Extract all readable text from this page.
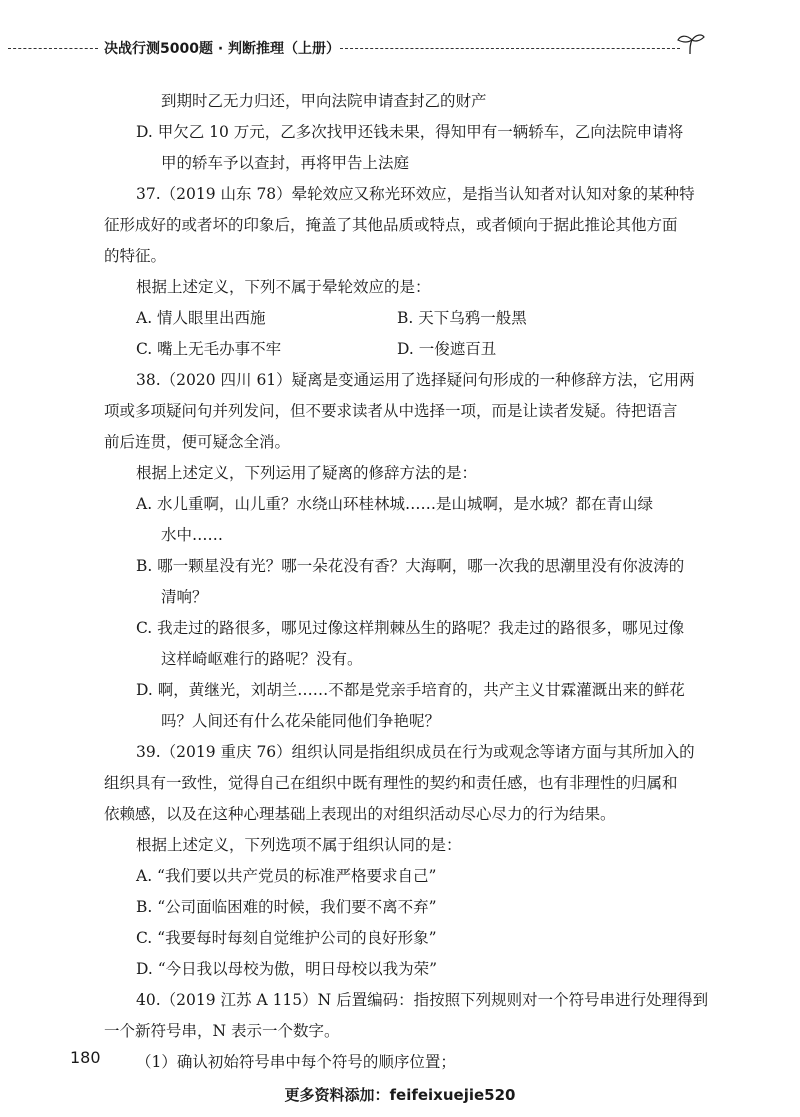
决战行测5000题 · 判断推理（上册）
到期时乙无力归还，甲向法院申请查封乙的财产
D. 甲欠乙 10 万元，乙多次找甲还钱未果，得知甲有一辆轿车，乙向法院申请将
甲的轿车予以查封，再将甲告上法庭
37.（2019 山东 78）晕轮效应又称光环效应，是指当认知者对认知对象的某种特
征形成好的或者坏的印象后，掩盖了其他品质或特点，或者倾向于据此推论其他方面
的特征。
根据上述定义，下列不属于晕轮效应的是：
A. 情人眼里出西施	B. 天下乌鸦一般黑
C. 嘴上无毛办事不牢	D. 一俊遮百丑
38.（2020 四川 61）疑离是变通运用了选择疑问句形成的一种修辞方法，它用两
项或多项疑问句并列发问，但不要求读者从中选择一项，而是让读者发疑。待把语言
前后连贯，便可疑念全消。
根据上述定义，下列运用了疑离的修辞方法的是：
A. 水儿重啊，山儿重？水绕山环桂林城……是山城啊，是水城？都在青山绿
水中……
B. 哪一颗星没有光？哪一朵花没有香？大海啊，哪一次我的思潮里没有你波涛的
清响？
C. 我走过的路很多，哪见过像这样荆棘丛生的路呢？我走过的路很多，哪见过像
这样崎岖难行的路呢？没有。
D. 啊，黄继光，刘胡兰……不都是党亲手培育的，共产主义甘霖灌溉出来的鲜花
吗？人间还有什么花朵能同他们争艳呢？
39.（2019 重庆 76）组织认同是指组织成员在行为或观念等诸方面与其所加入的
组织具有一致性，觉得自己在组织中既有理性的契约和责任感，也有非理性的归属和
依赖感，以及在这种心理基础上表现出的对组织活动尽心尽力的行为结果。
根据上述定义，下列选项不属于组织认同的是：
A. “我们要以共产党员的标准严格要求自己”
B. “公司面临困难的时候，我们要不离不弃”
C. “我要每时每刻自觉维护公司的良好形象”
D. “今日我以母校为傲，明日母校以我为荣”
40.（2019 江苏 A 115）N 后置编码：指按照下列规则对一个符号串进行处理得到
一个新符号串，N 表示一个数字。
（1）确认初始符号串中每个符号的顺序位置；
180
更多资料添加：feifeixuejie520
